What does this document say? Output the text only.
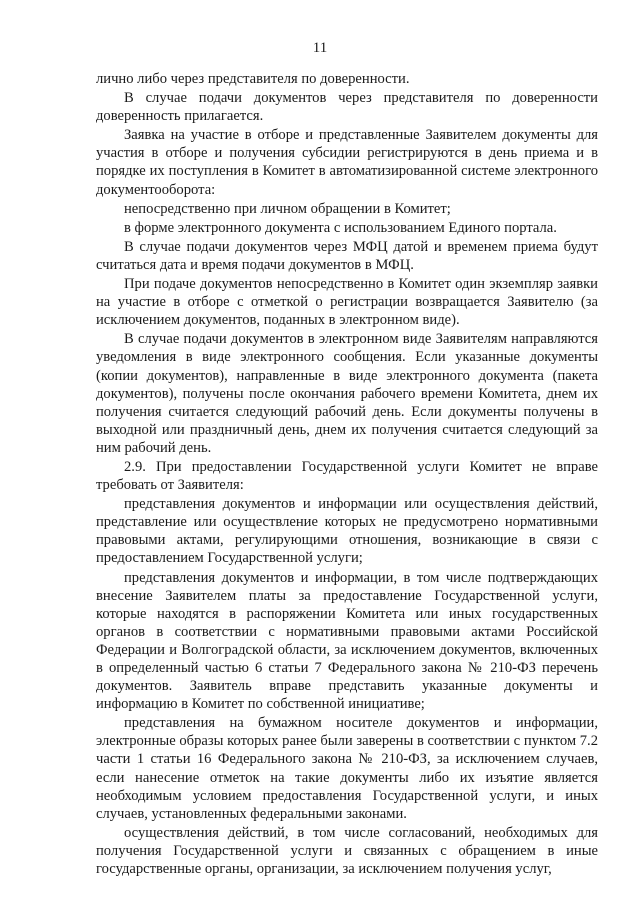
11

лично либо через представителя по доверенности.

В случае подачи документов через представителя по доверенности доверенность прилагается.

Заявка на участие в отборе и представленные Заявителем документы для участия в отборе и получения субсидии регистрируются в день приема и в порядке их поступления в Комитет в автоматизированной системе электронного документооборота:

непосредственно при личном обращении в Комитет;

в форме электронного документа с использованием Единого портала.

В случае подачи документов через МФЦ датой и временем приема будут считаться дата и время подачи документов в МФЦ.

При подаче документов непосредственно в Комитет один экземпляр заявки на участие в отборе с отметкой о регистрации возвращается Заявителю (за исключением документов, поданных в электронном виде).

В случае подачи документов в электронном виде Заявителям направляются уведомления в виде электронного сообщения. Если указанные документы (копии документов), направленные в виде электронного документа (пакета документов), получены после окончания рабочего времени Комитета, днем их получения считается следующий рабочий день. Если документы получены в выходной или праздничный день, днем их получения считается следующий за ним рабочий день.

2.9. При предоставлении Государственной услуги Комитет не вправе требовать от Заявителя:

представления документов и информации или осуществления действий, представление или осуществление которых не предусмотрено нормативными правовыми актами, регулирующими отношения, возникающие в связи с предоставлением Государственной услуги;

представления документов и информации, в том числе подтверждающих внесение Заявителем платы за предоставление Государственной услуги, которые находятся в распоряжении Комитета или иных государственных органов в соответствии с нормативными правовыми актами Российской Федерации и Волгоградской области, за исключением документов, включенных в определенный частью 6 статьи 7 Федерального закона № 210-ФЗ перечень документов. Заявитель вправе представить указанные документы и информацию в Комитет по собственной инициативе;

представления на бумажном носителе документов и информации, электронные образы которых ранее были заверены в соответствии с пунктом 7.2 части 1 статьи 16 Федерального закона № 210-ФЗ, за исключением случаев, если нанесение отметок на такие документы либо их изъятие является необходимым условием предоставления Государственной услуги, и иных случаев, установленных федеральными законами.

осуществления действий, в том числе согласований, необходимых для получения Государственной услуги и связанных с обращением в иные государственные органы, организации, за исключением получения услуг,
